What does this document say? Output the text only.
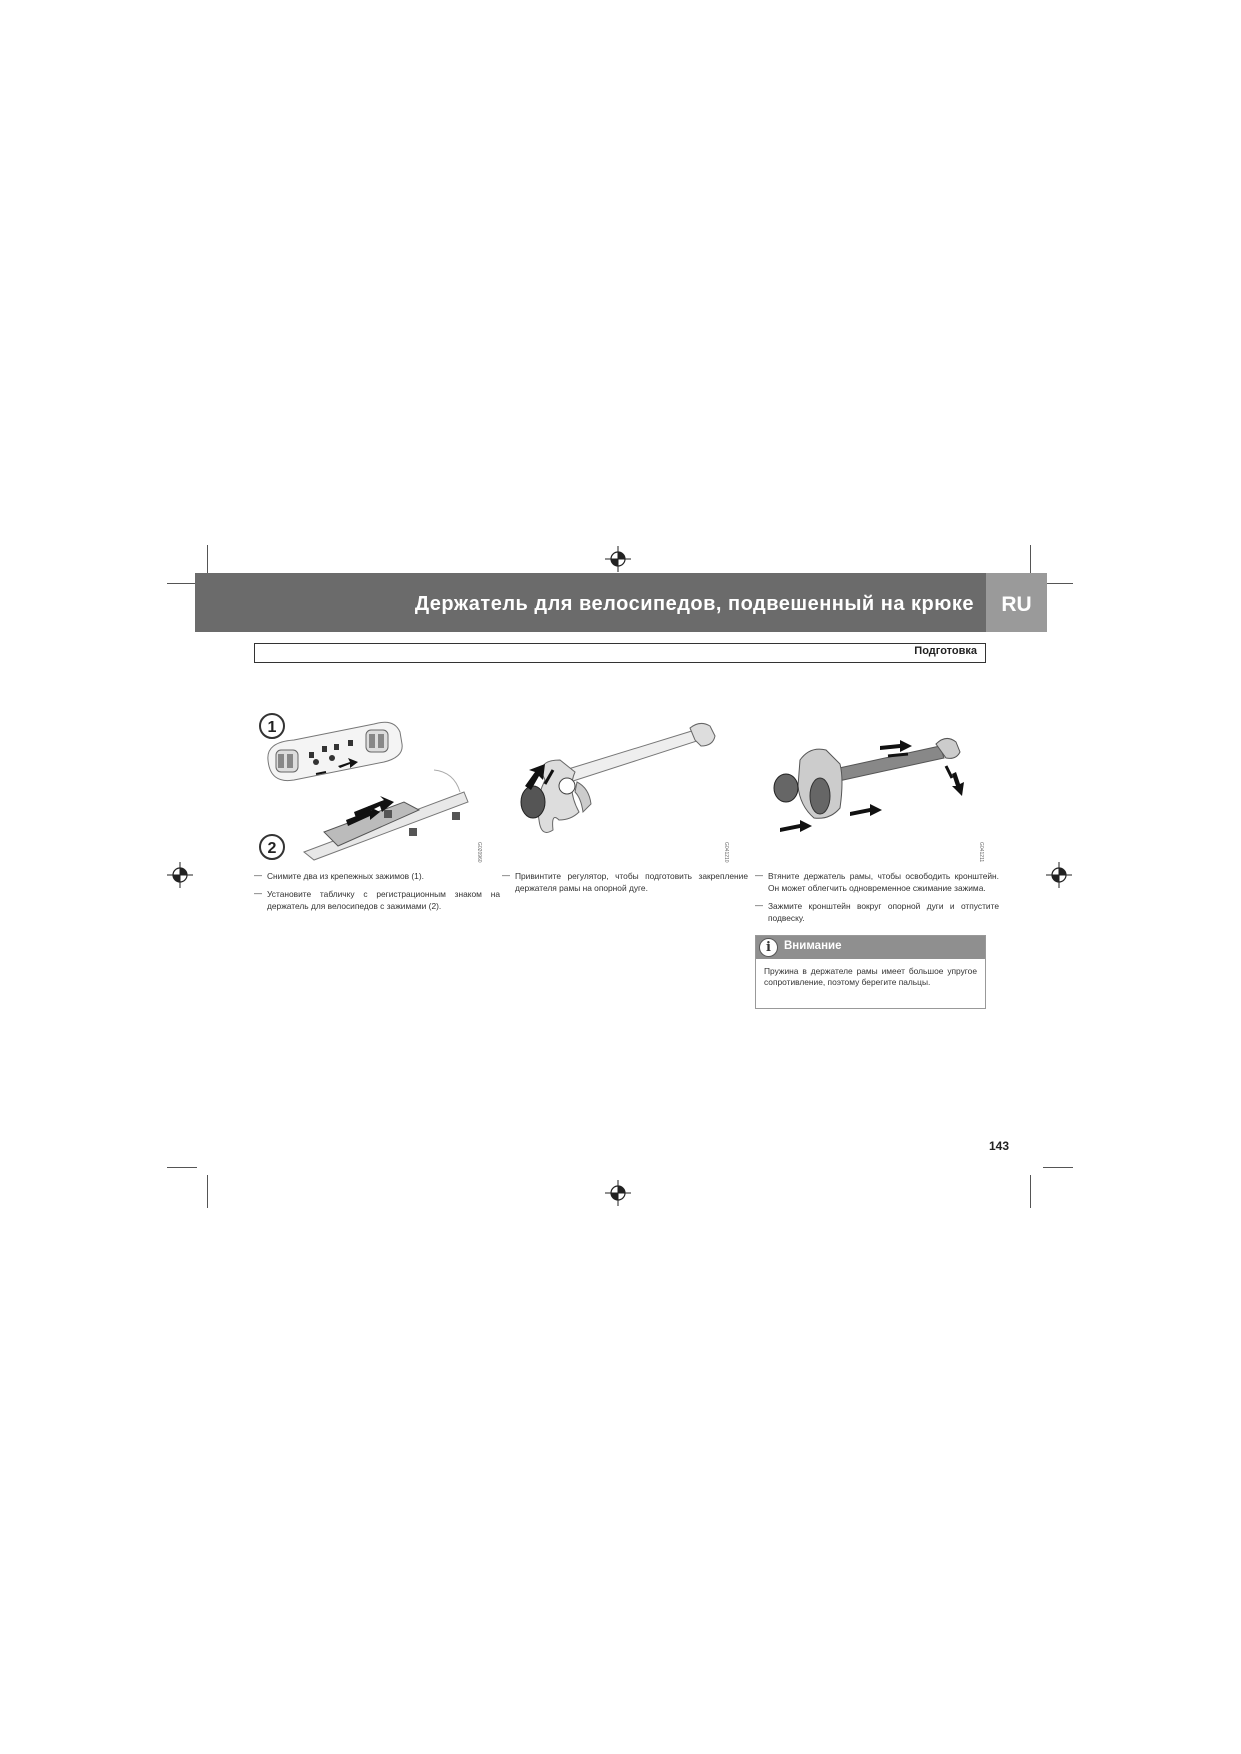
Держатель для велосипедов, подвешенный на крюке	RU
Подготовка
1
2	G020960	G041210	G041211
— Снимите два из крепежных зажимов (1).
— Установите табличку с регистрационным знаком на держатель для велосипедов с зажимами (2).
— Привинтите регулятор, чтобы подготовить закрепление держателя рамы на опорной дуге.
— Втяните держатель рамы, чтобы освободить кронштейн. Он может облегчить одновременное сжимание зажима.
— Зажмите кронштейн вокруг опорной дуги и отпустите подвеску.
i	Внимание
Пружина в держателе рамы имеет большое упругое сопротивление, поэтому берегите пальцы.
143
